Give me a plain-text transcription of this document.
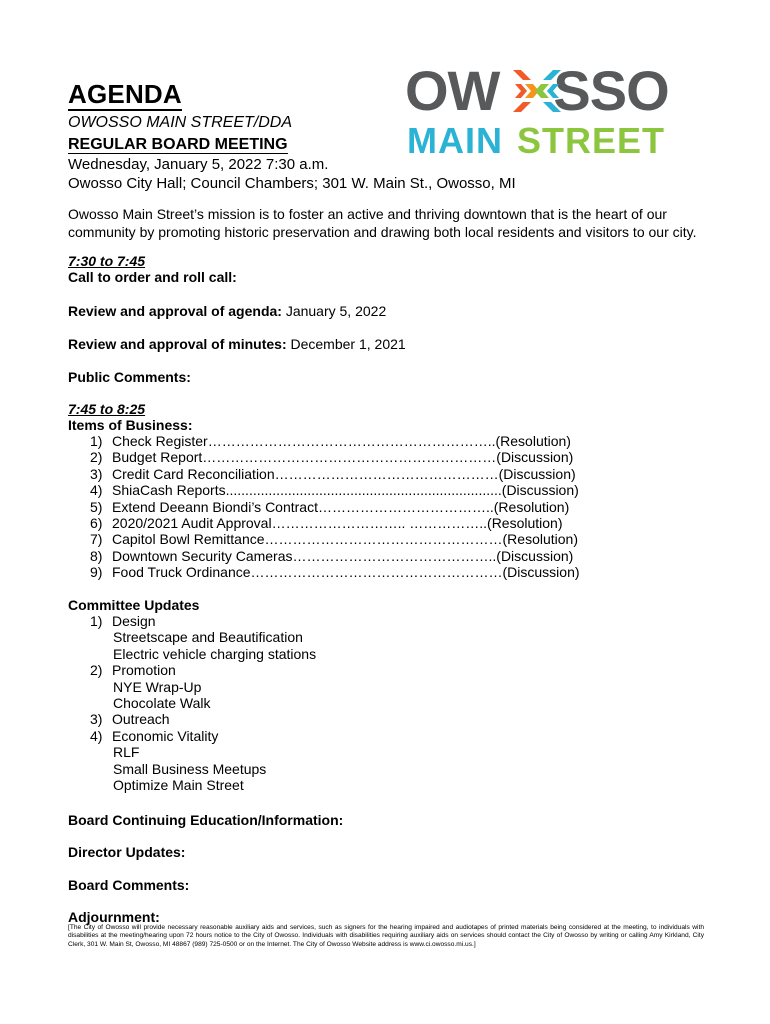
AGENDA
OWOSSO MAIN STREET/DDA
REGULAR BOARD MEETING
Wednesday, January 5, 2022 7:30 a.m.
Owosso City Hall; Council Chambers; 301 W. Main St., Owosso, MI
OW SSO
MAIN STREET
Owosso Main Street’s mission is to foster an active and thriving downtown that is the heart of our community by promoting historic preservation and drawing both local residents and visitors to our city.
7:30 to 7:45
Call to order and roll call:
Review and approval of agenda: January 5, 2022
Review and approval of minutes: December 1, 2021
Public Comments:
7:45 to 8:25
Items of Business:
1) Check Register……………………………………………………..(Resolution)
2) Budget Report………………………………………………………(Discussion)
3) Credit Card Reconciliation…………………………………………(Discussion)
4) ShiaCash Reports.......................................................................(Discussion)
5) Extend Deeann Biondi’s Contract………………………………..(Resolution)
6) 2020/2021 Audit Approval……………………….. ……………..(Resolution)
7) Capitol Bowl Remittance……………………………………………(Resolution)
8) Downtown Security Cameras……………………………………..(Discussion)
9) Food Truck Ordinance………………………………………………(Discussion)
Committee Updates
1) Design
Streetscape and Beautification
Electric vehicle charging stations
2) Promotion
NYE Wrap-Up
Chocolate Walk
3) Outreach
4) Economic Vitality
RLF
Small Business Meetups
Optimize Main Street
Board Continuing Education/Information:
Director Updates:
Board Comments:
Adjournment:
[The City of Owosso will provide necessary reasonable auxiliary aids and services, such as signers for the hearing impaired and audiotapes of printed materials being considered at the meeting, to individuals with disabilities at the meeting/hearing upon 72 hours notice to the City of Owosso. Individuals with disabilities requiring auxiliary aids on services should contact the City of Owosso by writing or calling Amy Kirkland, City Clerk, 301 W. Main St, Owosso, MI 48867 (989) 725-0500 or on the Internet. The City of Owosso Website address is www.ci.owosso.mi.us.]
